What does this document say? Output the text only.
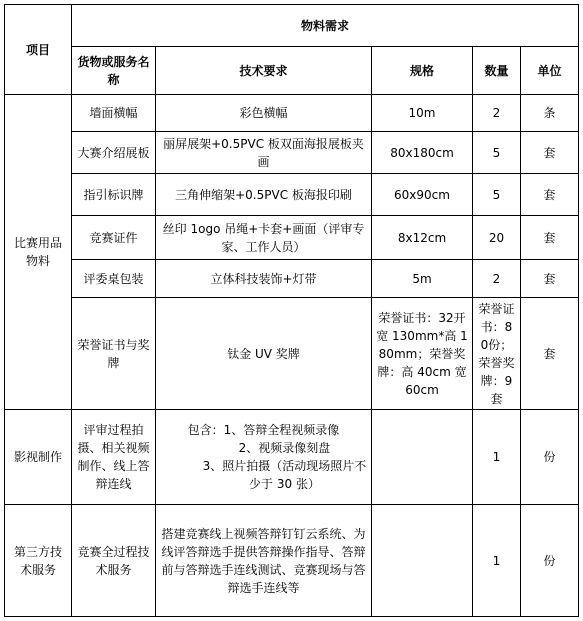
项目	物料需求				
	货物或服务名称	技术要求	规格	数量	单位
比赛用品物料	墙面横幅	彩色横幅	10m	2	条
	大赛介绍展板	丽屏展架+0.5PVC 板双面海报展板夹画	80x180cm	5	套
	指引标识牌	三角伸缩架+0.5PVC 板海报印刷	60x90cm	5	套
	竞赛证件	丝印 1ogo 吊绳+卡套+画面（评审专家、工作人员）	8x12cm	20	套
	评委桌包装	立体科技装饰+灯带	5m	2	套
	荣誉证书与奖牌	钛金 UV 奖牌	荣誉证书：32开宽 130mm*高 180mm；荣誉奖牌：高 40cm 宽 60cm	荣誉证书：80份；荣誉奖牌：9套	套
影视制作	评审过程拍摄、相关视频制作、线上答辩连线	包含：1、答辩全程视频录像
2、视频录像刻盘
3、照片拍摄（活动现场照片不少于 30 张）		1	份
第三方技术服务	竞赛全过程技术服务	搭建竞赛线上视频答辩钉钉云系统、为线评答辩选手提供答辩操作指导、答辩前与答辩选手连线测试、竞赛现场与答辩选手连线等		1	份
